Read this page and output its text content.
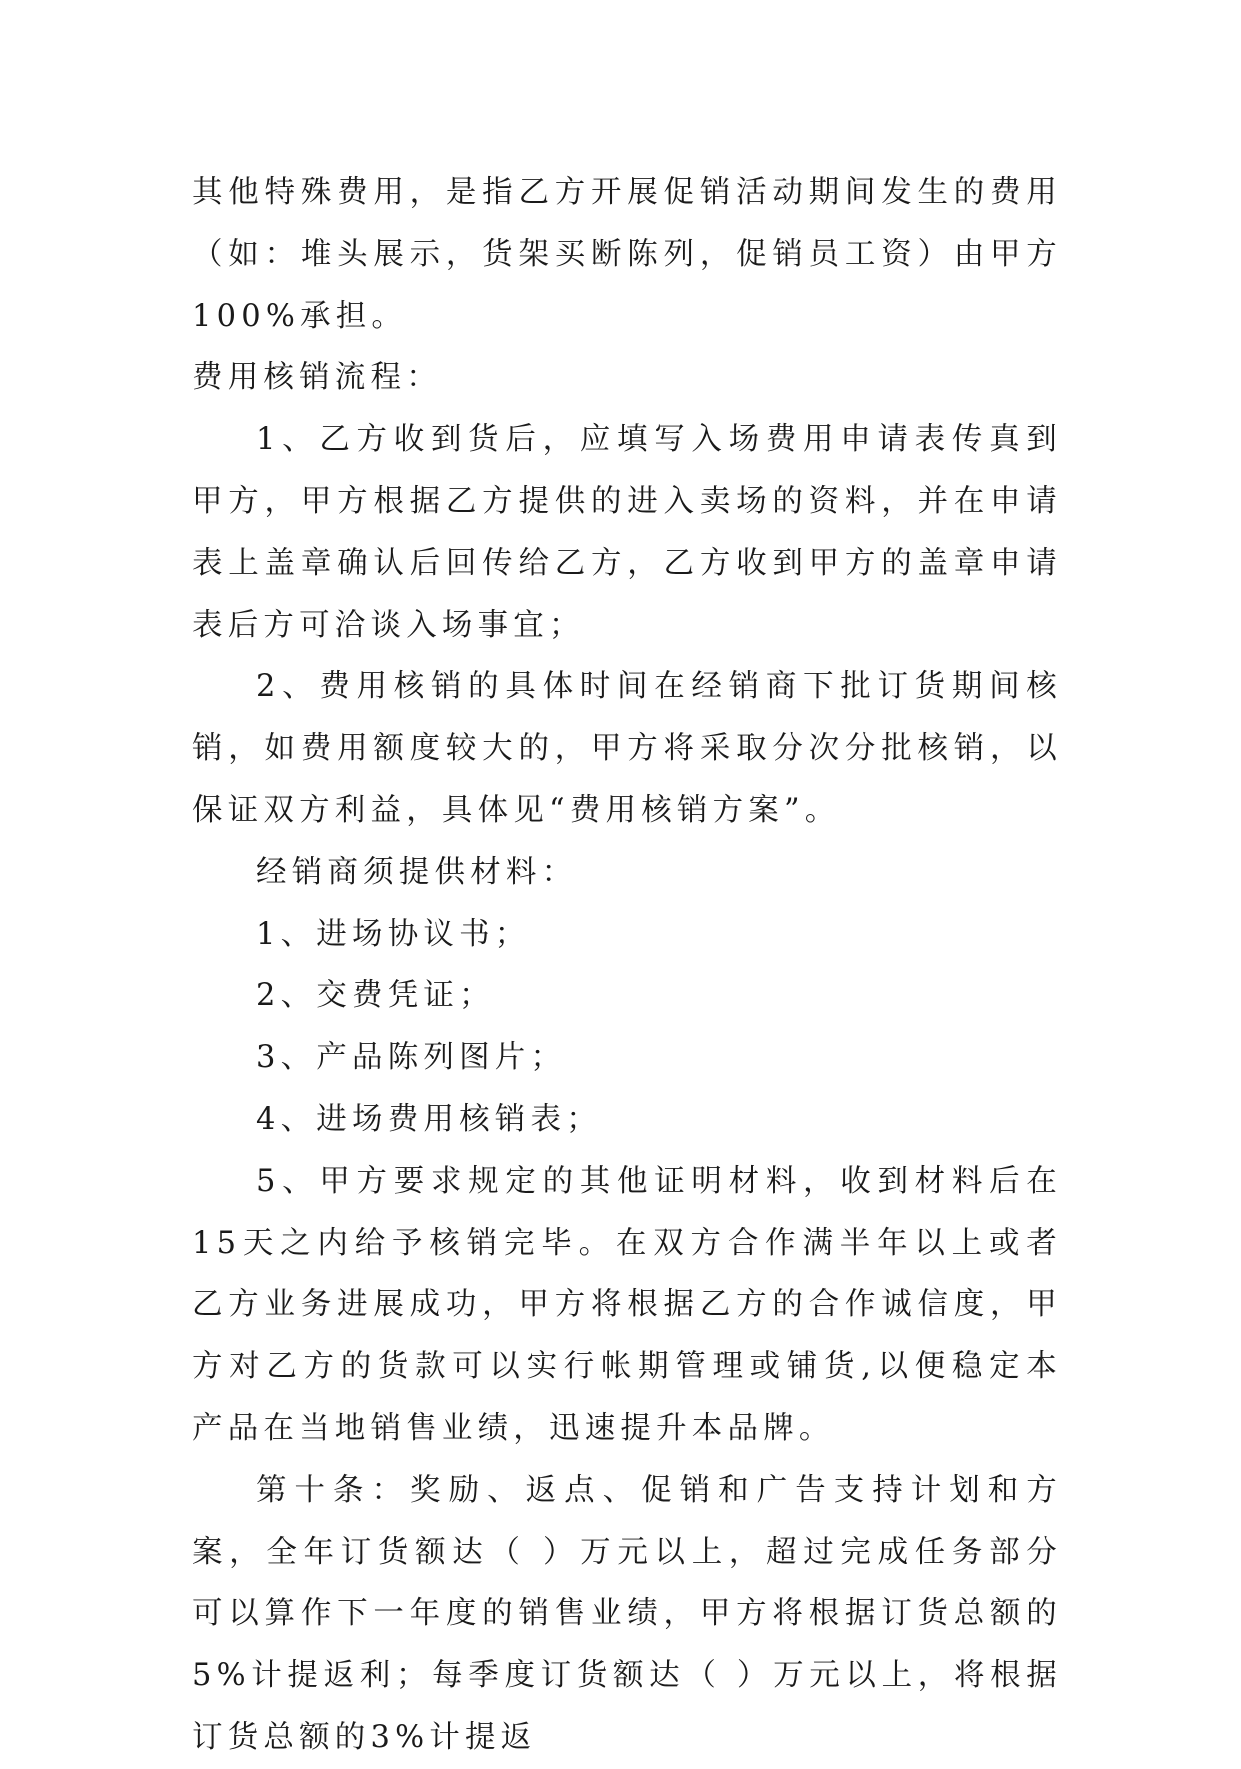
其他特殊费用，是指乙方开展促销活动期间发生的费用（如：堆头展示，货架买断陈列，促销员工资）由甲方100%承担。

费用核销流程：

1、乙方收到货后，应填写入场费用申请表传真到甲方，甲方根据乙方提供的进入卖场的资料，并在申请表上盖章确认后回传给乙方，乙方收到甲方的盖章申请表后方可洽谈入场事宜；

2、费用核销的具体时间在经销商下批订货期间核销，如费用额度较大的，甲方将采取分次分批核销，以保证双方利益，具体见“费用核销方案”。

经销商须提供材料：

1、进场协议书；

2、交费凭证；

3、产品陈列图片；

4、进场费用核销表；

5、甲方要求规定的其他证明材料，收到材料后在15天之内给予核销完毕。在双方合作满半年以上或者乙方业务进展成功，甲方将根据乙方的合作诚信度，甲方对乙方的货款可以实行帐期管理或铺货,以便稳定本产品在当地销售业绩，迅速提升本品牌。

第十条：奖励、返点、促销和广告支持计划和方案，全年订货额达（ ）万元以上，超过完成任务部分可以算作下一年度的销售业绩，甲方将根据订货总额的5%计提返利；每季度订货额达（ ）万元以上，将根据订货总额的3%计提返
